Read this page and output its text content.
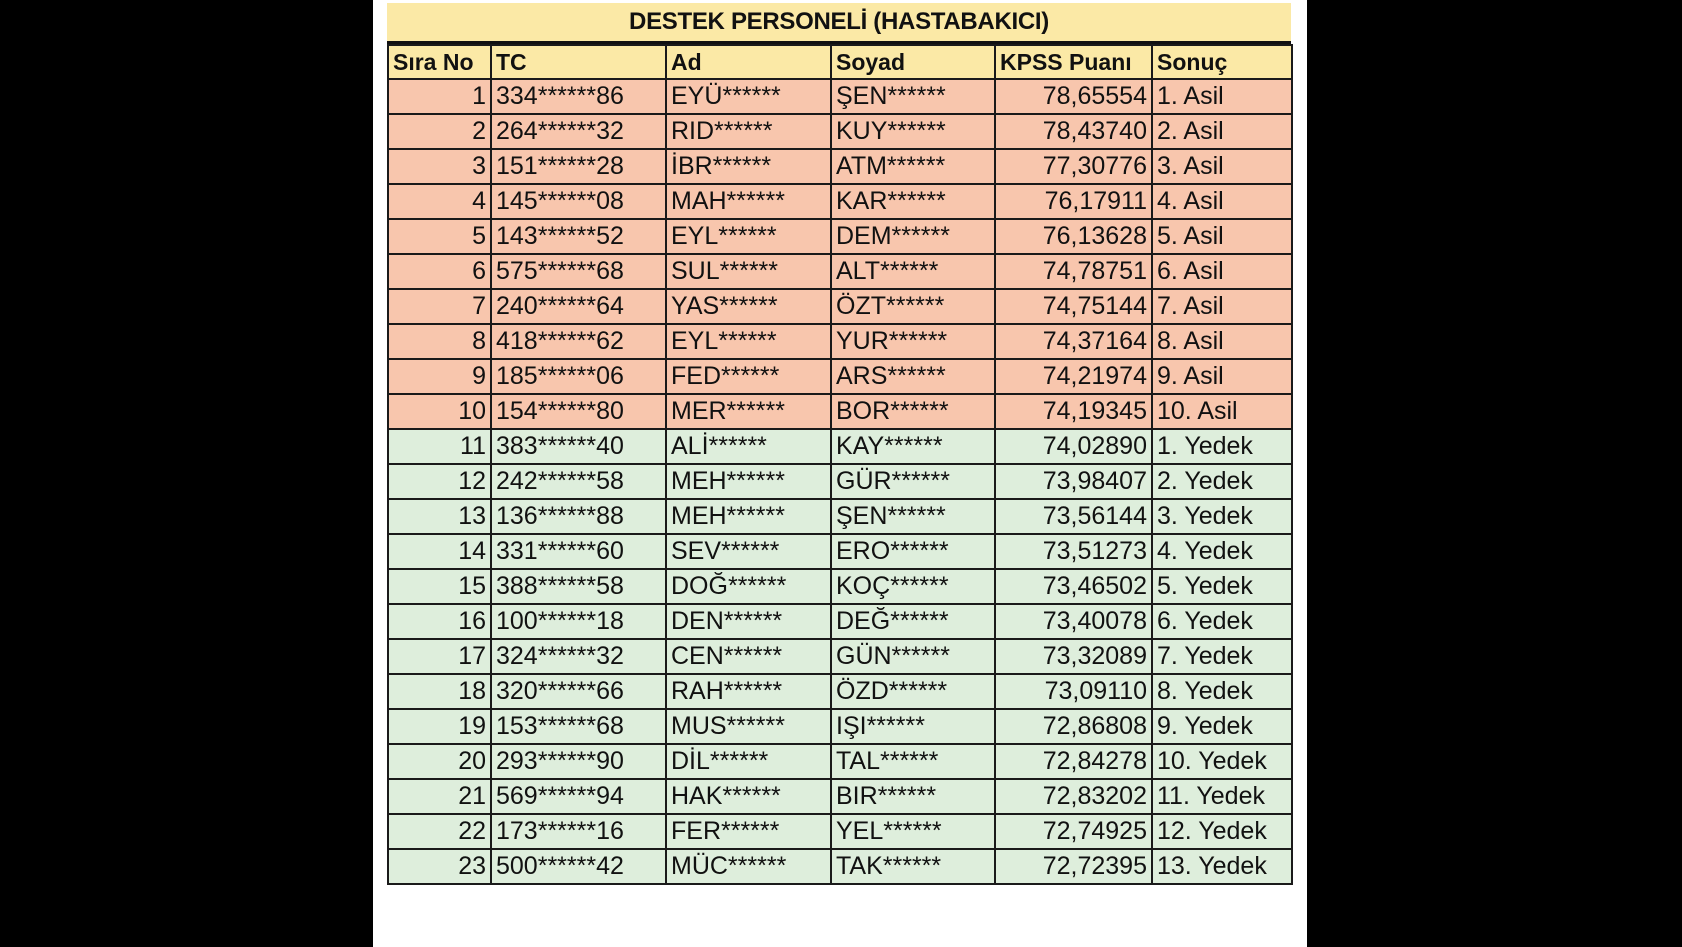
DESTEK PERSONELİ (HASTABAKICI)
Sıra No	TC	Ad	Soyad	KPSS Puanı	Sonuç
1	334******86	EYÜ******	ŞEN******	78,65554	1. Asil
2	264******32	RID******	KUY******	78,43740	2. Asil
3	151******28	İBR******	ATM******	77,30776	3. Asil
4	145******08	MAH******	KAR******	76,17911	4. Asil
5	143******52	EYL******	DEM******	76,13628	5. Asil
6	575******68	SUL******	ALT******	74,78751	6. Asil
7	240******64	YAS******	ÖZT******	74,75144	7. Asil
8	418******62	EYL******	YUR******	74,37164	8. Asil
9	185******06	FED******	ARS******	74,21974	9. Asil
10	154******80	MER******	BOR******	74,19345	10. Asil
11	383******40	ALİ******	KAY******	74,02890	1. Yedek
12	242******58	MEH******	GÜR******	73,98407	2. Yedek
13	136******88	MEH******	ŞEN******	73,56144	3. Yedek
14	331******60	SEV******	ERO******	73,51273	4. Yedek
15	388******58	DOĞ******	KOÇ******	73,46502	5. Yedek
16	100******18	DEN******	DEĞ******	73,40078	6. Yedek
17	324******32	CEN******	GÜN******	73,32089	7. Yedek
18	320******66	RAH******	ÖZD******	73,09110	8. Yedek
19	153******68	MUS******	IŞI******	72,86808	9. Yedek
20	293******90	DİL******	TAL******	72,84278	10. Yedek
21	569******94	HAK******	BIR******	72,83202	11. Yedek
22	173******16	FER******	YEL******	72,74925	12. Yedek
23	500******42	MÜC******	TAK******	72,72395	13. Yedek
